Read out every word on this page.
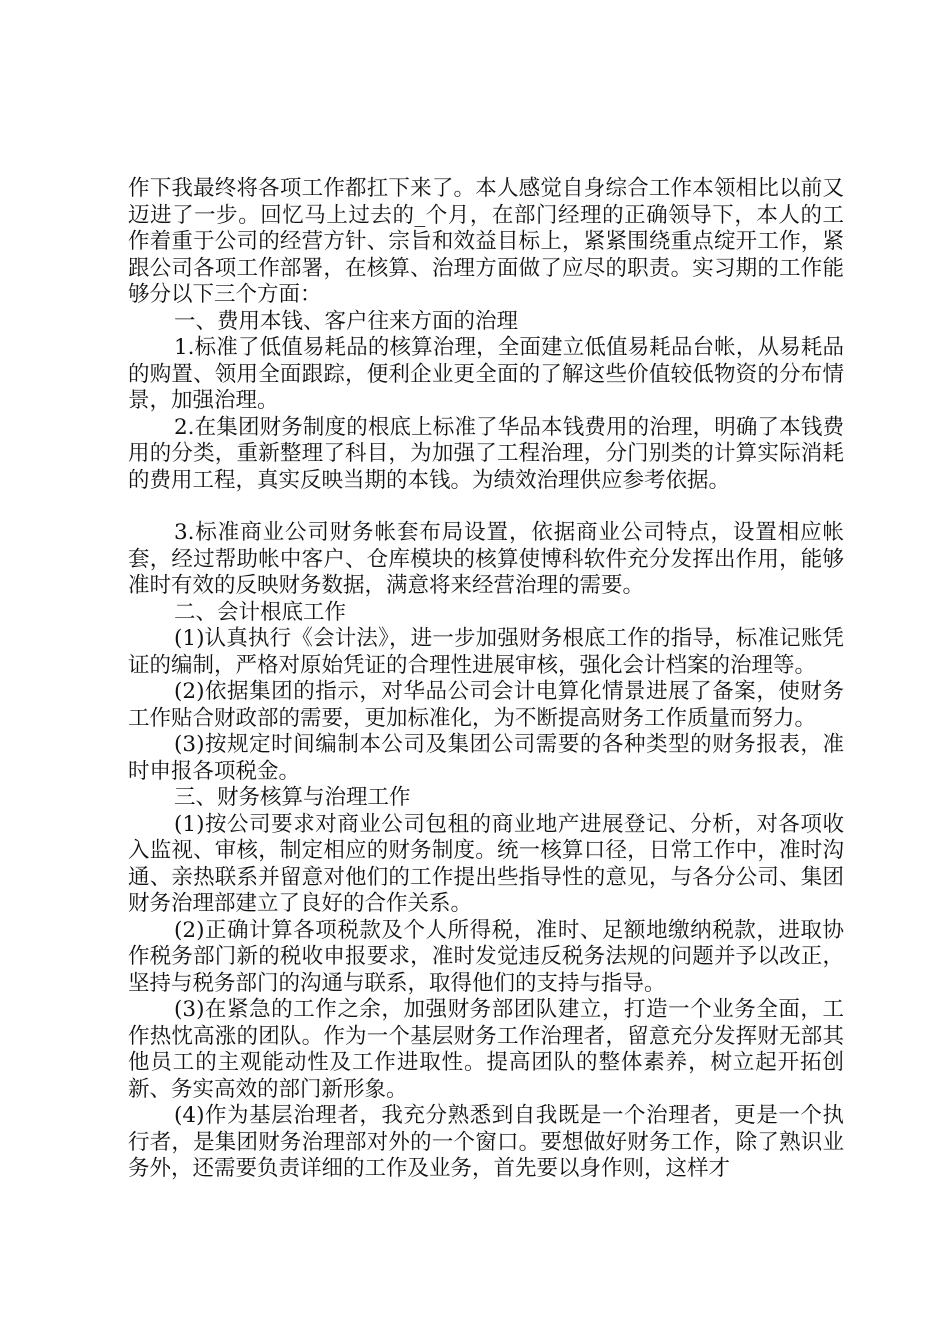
作下我最终将各项工作都扛下来了。本人感觉自身综合工作本领相比以前又迈进了一步。回忆马上过去的_个月，在部门经理的正确领导下，本人的工作着重于公司的经营方针、宗旨和效益目标上，紧紧围绕重点绽开工作，紧跟公司各项工作部署，在核算、治理方面做了应尽的职责。实习期的工作能够分以下三个方面：

一、费用本钱、客户往来方面的治理

1.标准了低值易耗品的核算治理，全面建立低值易耗品台帐，从易耗品的购置、领用全面跟踪，便利企业更全面的了解这些价值较低物资的分布情景，加强治理。

2.在集团财务制度的根底上标准了华品本钱费用的治理，明确了本钱费用的分类，重新整理了科目，为加强了工程治理，分门别类的计算实际消耗的费用工程，真实反映当期的本钱。为绩效治理供应参考依据。

3.标准商业公司财务帐套布局设置，依据商业公司特点，设置相应帐套，经过帮助帐中客户、仓库模块的核算使博科软件充分发挥出作用，能够准时有效的反映财务数据，满意将来经营治理的需要。

二、会计根底工作

(1)认真执行《会计法》，进一步加强财务根底工作的指导，标准记账凭证的编制，严格对原始凭证的合理性进展审核，强化会计档案的治理等。

(2)依据集团的指示，对华品公司会计电算化情景进展了备案，使财务工作贴合财政部的需要，更加标准化，为不断提高财务工作质量而努力。

(3)按规定时间编制本公司及集团公司需要的各种类型的财务报表，准时申报各项税金。

三、财务核算与治理工作

(1)按公司要求对商业公司包租的商业地产进展登记、分析，对各项收入监视、审核，制定相应的财务制度。统一核算口径，日常工作中，准时沟通、亲热联系并留意对他们的工作提出些指导性的意见，与各分公司、集团财务治理部建立了良好的合作关系。

(2)正确计算各项税款及个人所得税，准时、足额地缴纳税款，进取协作税务部门新的税收申报要求，准时发觉违反税务法规的问题并予以改正，坚持与税务部门的沟通与联系，取得他们的支持与指导。

(3)在紧急的工作之余，加强财务部团队建立，打造一个业务全面，工作热忱高涨的团队。作为一个基层财务工作治理者，留意充分发挥财无部其他员工的主观能动性及工作进取性。提高团队的整体素养，树立起开拓创新、务实高效的部门新形象。

(4)作为基层治理者，我充分熟悉到自我既是一个治理者，更是一个执行者，是集团财务治理部对外的一个窗口。要想做好财务工作，除了熟识业务外，还需要负责详细的工作及业务，首先要以身作则，这样才
